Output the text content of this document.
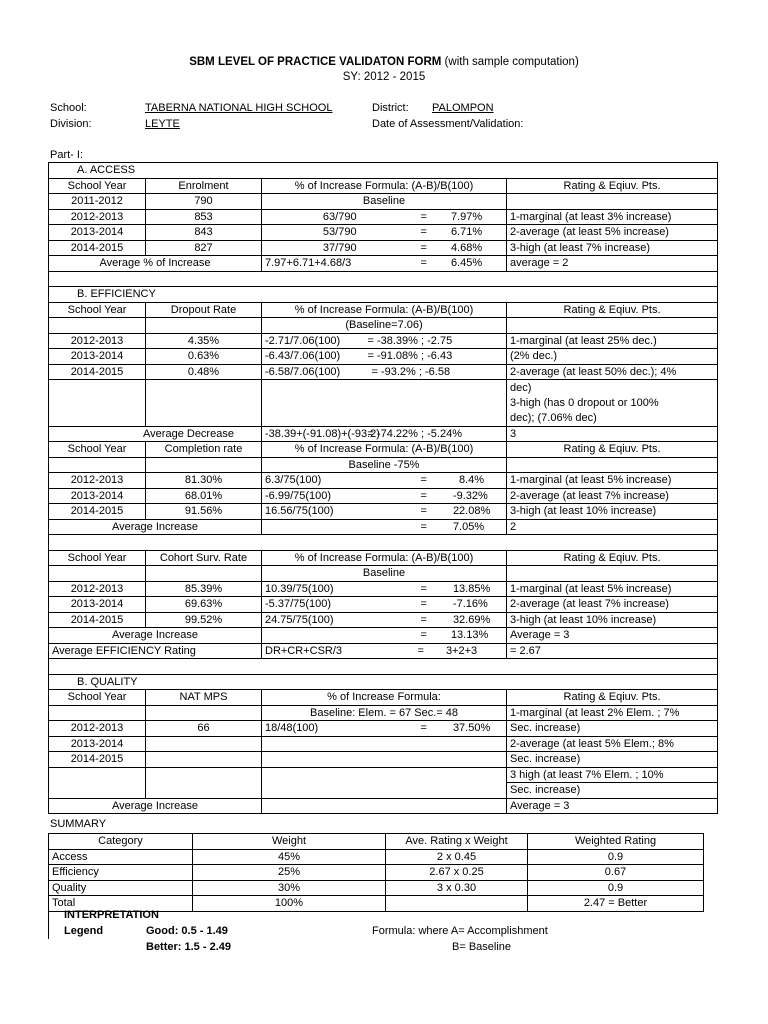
SBM LEVEL OF PRACTICE VALIDATON FORM (with sample computation)
SY: 2012 - 2015
School:	TABERNA NATIONAL HIGH SCHOOL	District: PALOMPON
Division:	LEYTE	Date of Assessment/Validation:
Part- I:
A. ACCESS					
School Year	Enrolment	% of Increase Formula: (A-B)/B(100)			Rating & Eqiuv. Pts.
2011-2012	790	Baseline			
2012-2013	853	63/790		= 7.97%	1-marginal (at least 3% increase)
2013-2014	843	53/790		= 6.71%	2-average (at least 5% increase)
2014-2015	827	37/790		= 4.68%	3-high (at least 7% increase)
Average % of Increase		7.97+6.71+4.68/3		= 6.45%	average = 2

B. EFFICIENCY					
School Year	Dropout Rate	% of Increase Formula: (A-B)/B(100)			Rating & Eqiuv. Pts.
		(Baseline=7.06)			
2012-2013	4.35%	-2.71/7.06(100)	= -38.39% ; -2.75		1-marginal (at least 25% dec.)
2013-2014	0.63%	-6.43/7.06(100)	= -91.08% ; -6.43		(2% dec.)
2014-2015	0.48%	-6.58/7.06(100)	= -93.2% ; -6.58		2-average (at least 50% dec.); 4%
					dec)
					3-high (has 0 dropout or 100%
					dec); (7.06% dec)
Average Decrease		-38.39+(-91.08)+(-93.2)	= -74.22% ; -5.24%		3
School Year	Completion rate	% of Increase Formula: (A-B)/B(100)			Rating & Eqiuv. Pts.
		Baseline -75%			
2012-2013	81.30%	6.3/75(100)		= 8.4%	1-marginal (at least 5% increase)
2013-2014	68.01%	-6.99/75(100)		= -9.32%	2-average (at least 7% increase)
2014-2015	91.56%	16.56/75(100)		= 22.08%	3-high (at least 10% increase)
Average Increase				= 7.05%	2

School Year	Cohort Surv. Rate	% of Increase Formula: (A-B)/B(100)			Rating & Eqiuv. Pts.
		Baseline			
2012-2013	85.39%	10.39/75(100)		= 13.85%	1-marginal (at least 5% increase)
2013-2014	69.63%	-5.37/75(100)		= -7.16%	2-average (at least 7% increase)
2014-2015	99.52%	24.75/75(100)		= 32.69%	3-high (at least 10% increase)
Average Increase				= 13.13%	Average = 3
Average EFFICIENCY Rating		DR+CR+CSR/3		= 3+2+3	= 2.67

B. QUALITY					
School Year	NAT MPS	% of Increase Formula:			Rating & Eqiuv. Pts.
		Baseline: Elem. = 67 Sec.= 48			1-marginal (at least 2% Elem. ; 7%
2012-2013	66	18/48(100)		= 37.50%	Sec. increase)
2013-2014					2-average (at least 5% Elem.; 8%
2014-2015					Sec. increase)
					3 high (at least 7% Elem. ; 10%
					Sec. increase)
Average Increase					Average = 3
SUMMARY
Category	Weight	Ave. Rating x Weight	Weighted Rating
Access	45%	2 x 0.45	0.9
Efficiency	25%	2.67 x 0.25	0.67
Quality	30%	3 x 0.30	0.9
Total	100%		2.47 = Better
INTERPRETATION
Legend	Good: 0.5 - 1.49
Better: 1.5 - 2.49
Formula: where A= Accomplishment
B= Baseline
